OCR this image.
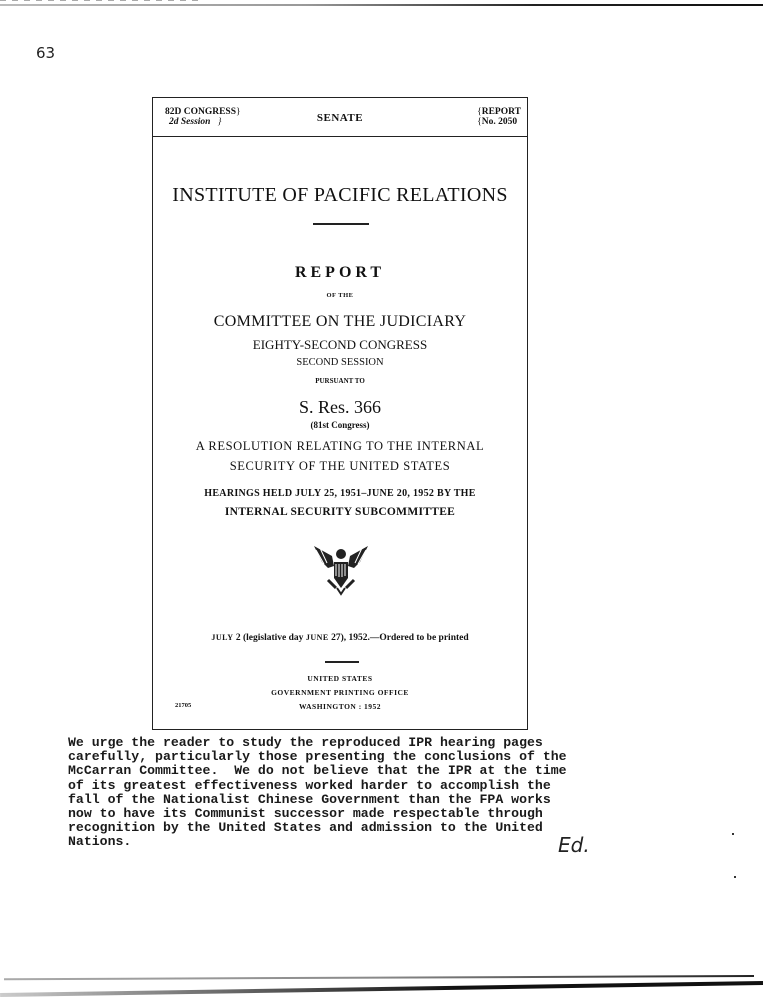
63
82D CONGRESS}
2d Session   }	SENATE	{REPORT
{No. 2050
INSTITUTE OF PACIFIC RELATIONS
REPORT
OF THE
COMMITTEE ON THE JUDICIARY
EIGHTY-SECOND CONGRESS
SECOND SESSION
PURSUANT TO
S. Res. 366
(81st Congress)
A RESOLUTION RELATING TO THE INTERNAL
SECURITY OF THE UNITED STATES
HEARINGS HELD JULY 25, 1951–JUNE 20, 1952 BY THE
INTERNAL SECURITY SUBCOMMITTEE
JULY 2 (legislative day JUNE 27), 1952.—Ordered to be printed
UNITED STATES
GOVERNMENT PRINTING OFFICE
WASHINGTON : 1952
21705
We urge the reader to study the reproduced IPR hearing pages
carefully, particularly those presenting the conclusions of the
McCarran Committee.  We do not believe that the IPR at the time
of its greatest effectiveness worked harder to accomplish the
fall of the Nationalist Chinese Government than the FPA works
now to have its Communist successor made respectable through
recognition by the United States and admission to the United
Nations.	Ed.
